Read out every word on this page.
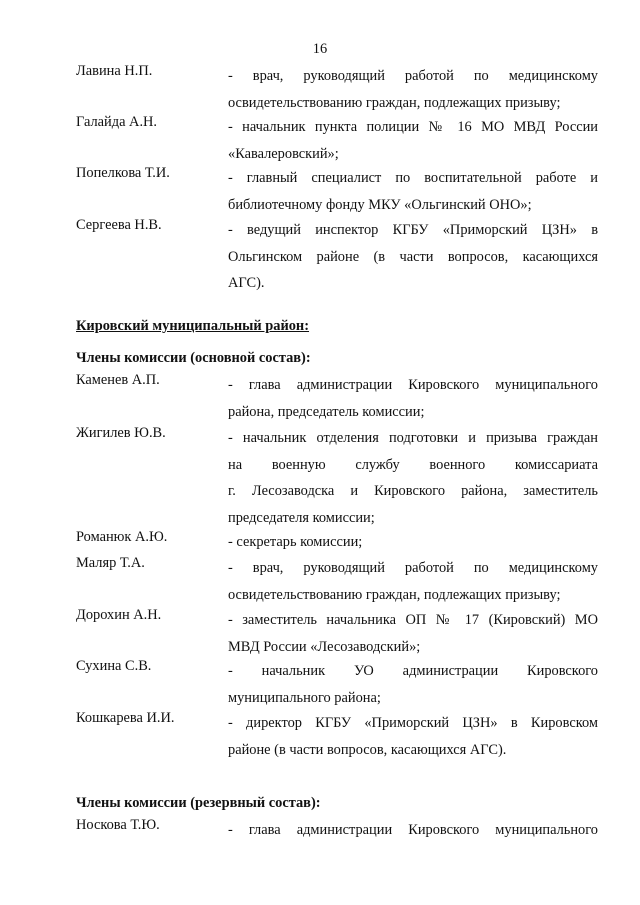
16
Лавина Н.П.	- врач, руководящий работой по медицинскому
освидетельствованию граждан, подлежащих призыву;
Галайда А.Н.	- начальник пункта полиции № 16 МО МВД России
«Кавалеровский»;
Попелкова Т.И.	- главный специалист по воспитательной работе и
библиотечному фонду МКУ «Ольгинский ОНО»;
Сергеева Н.В.	- ведущий инспектор КГБУ «Приморский ЦЗН» в
Ольгинском районе (в части вопросов, касающихся
АГС).
Кировский муниципальный район:
Члены комиссии (основной состав):
Каменев А.П.	- глава администрации Кировского муниципального
района, председатель комиссии;
Жигилев Ю.В.	- начальник отделения подготовки и призыва граждан
на военную службу военного комиссариата
г. Лесозаводска и Кировского района, заместитель
председателя комиссии;
Романюк А.Ю.	- секретарь комиссии;
Маляр Т.А.	- врач, руководящий работой по медицинскому
освидетельствованию граждан, подлежащих призыву;
Дорохин А.Н.	- заместитель начальника ОП № 17 (Кировский) МО
МВД России «Лесозаводский»;
Сухина С.В.	- начальник УО администрации Кировского
муниципального района;
Кошкарева И.И.	- директор КГБУ «Приморский ЦЗН» в Кировском
районе (в части вопросов, касающихся АГС).
Члены комиссии (резервный состав):
Носкова Т.Ю.	- глава администрации Кировского муниципального
